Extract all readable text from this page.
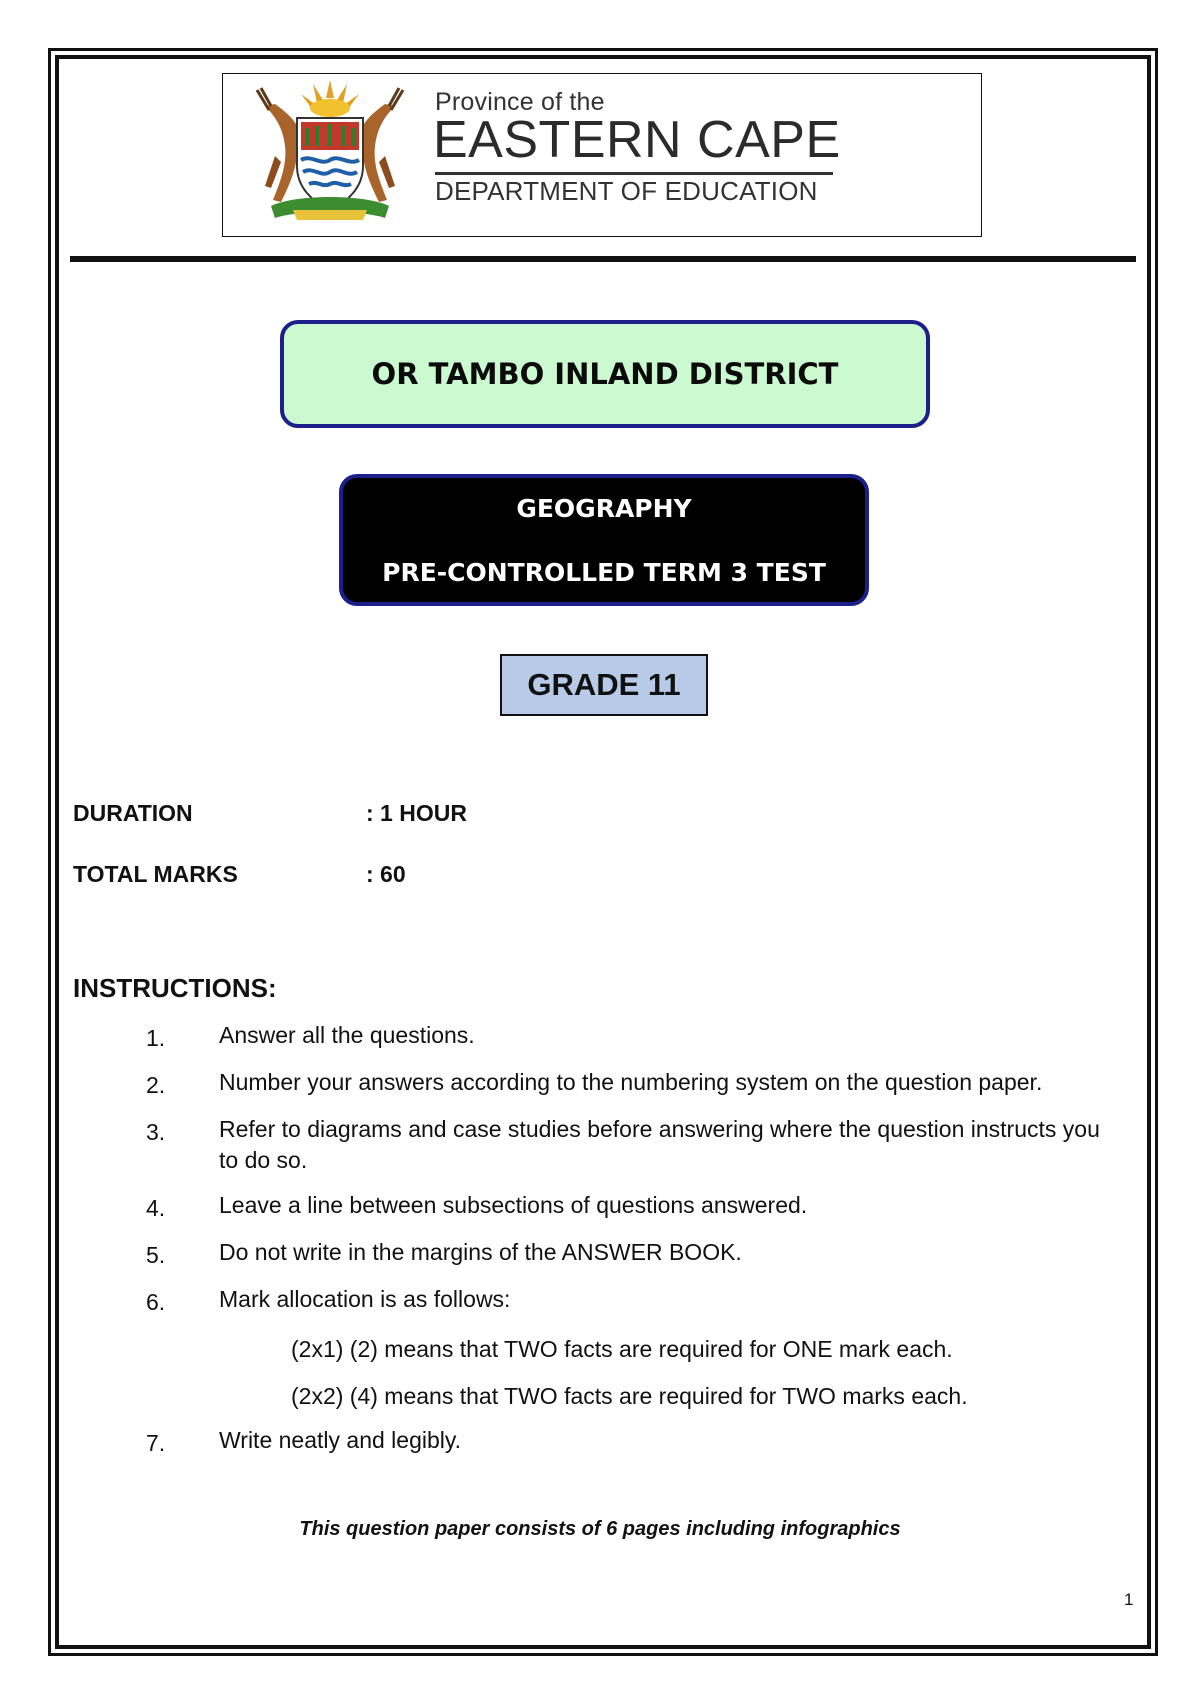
Province of the
EASTERN CAPE
DEPARTMENT OF EDUCATION
OR TAMBO INLAND DISTRICT
GEOGRAPHY
PRE-CONTROLLED TERM 3 TEST
GRADE 11
DURATION	: 1 HOUR
TOTAL MARKS	: 60
INSTRUCTIONS:
1. Answer all the questions.
2. Number your answers according to the numbering system on the question paper.
3. Refer to diagrams and case studies before answering where the question instructs you to do so.
4. Leave a line between subsections of questions answered.
5. Do not write in the margins of the ANSWER BOOK.
6. Mark allocation is as follows:
(2x1) (2) means that TWO facts are required for ONE mark each.
(2x2) (4) means that TWO facts are required for TWO marks each.
7. Write neatly and legibly.
This question paper consists of 6 pages including infographics
1
